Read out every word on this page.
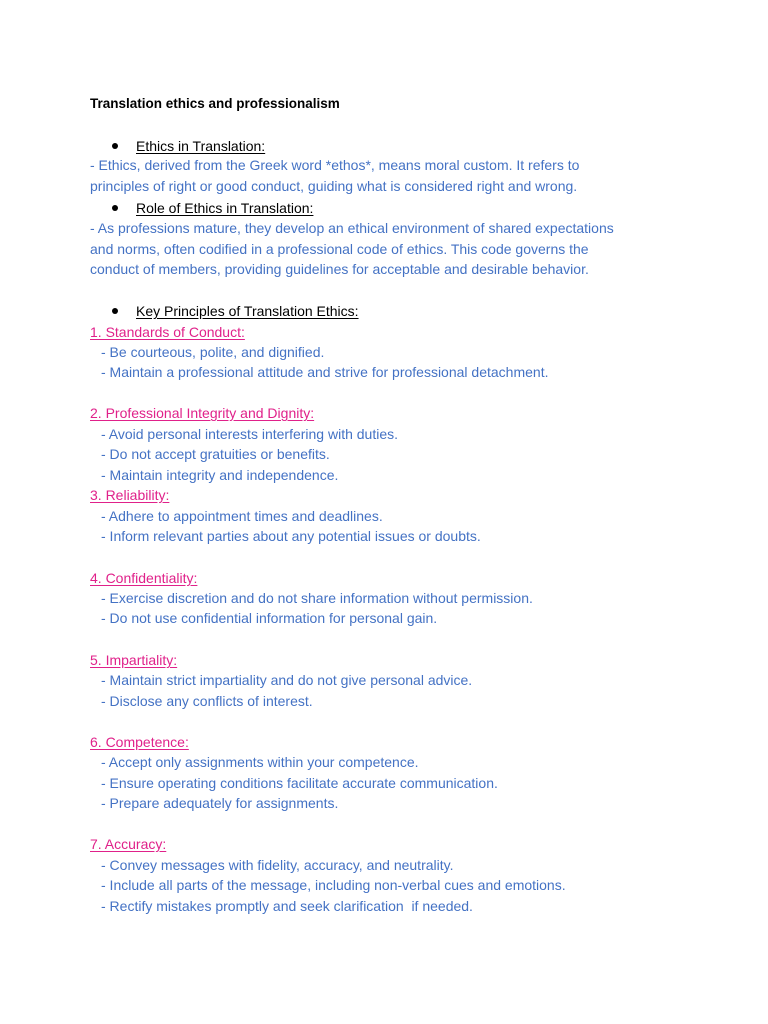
Translation ethics and professionalism
Ethics in Translation:
- Ethics, derived from the Greek word *ethos*, means moral custom. It refers to
principles of right or good conduct, guiding what is considered right and wrong.
Role of Ethics in Translation:
- As professions mature, they develop an ethical environment of shared expectations
and norms, often codified in a professional code of ethics. This code governs the
conduct of members, providing guidelines for acceptable and desirable behavior.
Key Principles of Translation Ethics:
1. Standards of Conduct:
- Be courteous, polite, and dignified.
- Maintain a professional attitude and strive for professional detachment.
2. Professional Integrity and Dignity:
- Avoid personal interests interfering with duties.
- Do not accept gratuities or benefits.
- Maintain integrity and independence.
3. Reliability:
- Adhere to appointment times and deadlines.
- Inform relevant parties about any potential issues or doubts.
4. Confidentiality:
- Exercise discretion and do not share information without permission.
- Do not use confidential information for personal gain.
5. Impartiality:
- Maintain strict impartiality and do not give personal advice.
- Disclose any conflicts of interest.
6. Competence:
- Accept only assignments within your competence.
- Ensure operating conditions facilitate accurate communication.
- Prepare adequately for assignments.
7. Accuracy:
- Convey messages with fidelity, accuracy, and neutrality.
- Include all parts of the message, including non-verbal cues and emotions.
- Rectify mistakes promptly and seek clarification  if needed.
